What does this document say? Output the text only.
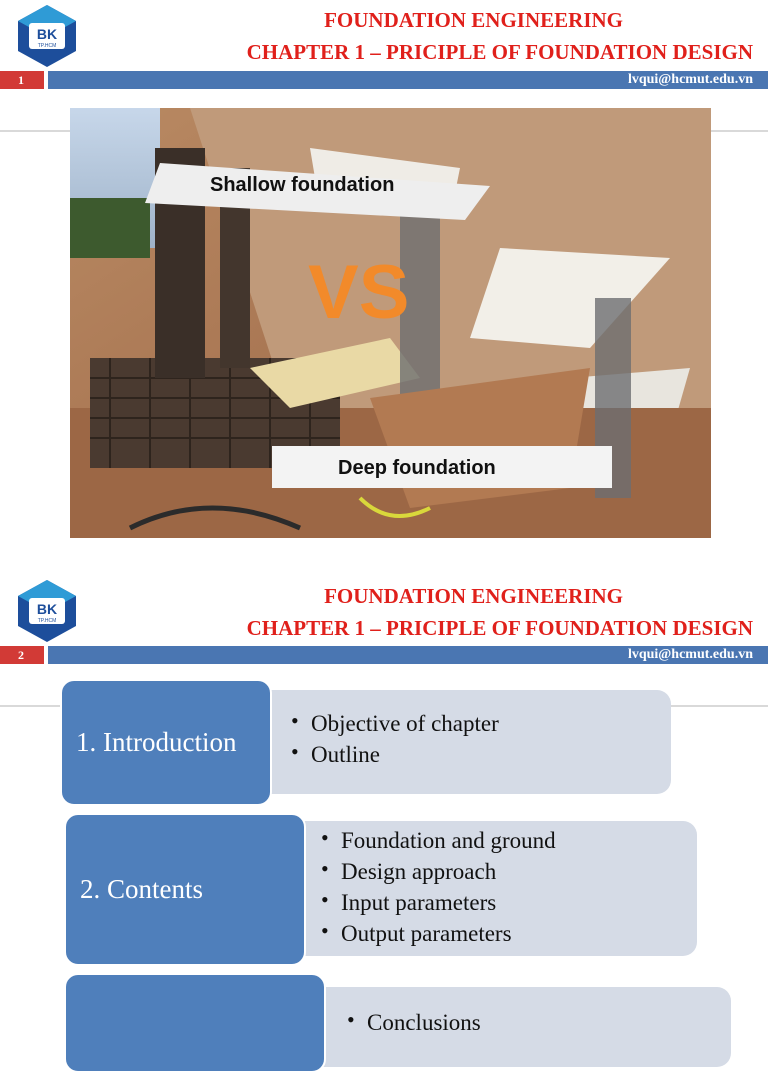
BK
TP.HCM
FOUNDATION ENGINEERING
CHAPTER 1 – PRICIPLE OF FOUNDATION DESIGN
1	lvqui@hcmut.edu.vn
Shallow foundation
VS
Deep foundation
BK
TP.HCM
FOUNDATION ENGINEERING
CHAPTER 1 – PRICIPLE OF FOUNDATION DESIGN
2	lvqui@hcmut.edu.vn
• Objective of chapter
• Outline
1. Introduction
• Foundation and ground
• Design approach
• Input parameters
• Output parameters
2. Contents
• Conclusions
